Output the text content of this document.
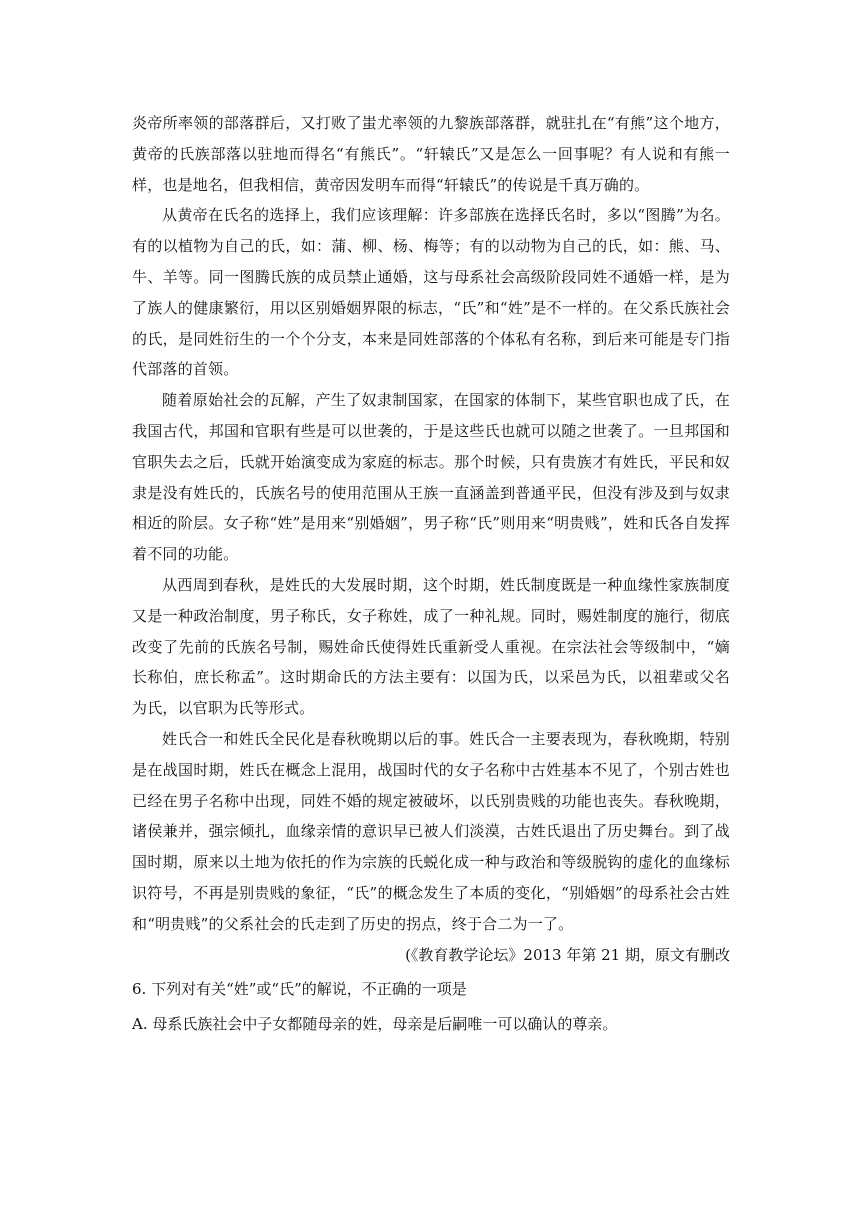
炎帝所率领的部落群后，又打败了蚩尤率领的九黎族部落群，就驻扎在“有熊”这个地方，黄帝的氏族部落以驻地而得名“有熊氏”。“轩辕氏”又是怎么一回事呢？有人说和有熊一样，也是地名，但我相信，黄帝因发明车而得“轩辕氏”的传说是千真万确的。

从黄帝在氏名的选择上，我们应该理解：许多部族在选择氏名时，多以“图腾”为名。有的以植物为自己的氏，如：蒲、柳、杨、梅等；有的以动物为自己的氏，如：熊、马、牛、羊等。同一图腾氏族的成员禁止通婚，这与母系社会高级阶段同姓不通婚一样，是为了族人的健康繁衍，用以区别婚姻界限的标志，“氏”和“姓”是不一样的。在父系氏族社会的氏，是同姓衍生的一个个分支，本来是同姓部落的个体私有名称，到后来可能是专门指代部落的首领。

随着原始社会的瓦解，产生了奴隶制国家，在国家的体制下，某些官职也成了氏，在我国古代，邦国和官职有些是可以世袭的，于是这些氏也就可以随之世袭了。一旦邦国和官职失去之后，氏就开始演变成为家庭的标志。那个时候，只有贵族才有姓氏，平民和奴隶是没有姓氏的，氏族名号的使用范围从王族一直涵盖到普通平民，但没有涉及到与奴隶相近的阶层。女子称“姓”是用来“别婚姻”，男子称“氏”则用来“明贵贱”，姓和氏各自发挥着不同的功能。

从西周到春秋，是姓氏的大发展时期，这个时期，姓氏制度既是一种血缘性家族制度又是一种政治制度，男子称氏，女子称姓，成了一种礼规。同时，赐姓制度的施行，彻底改变了先前的氏族名号制，赐姓命氏使得姓氏重新受人重视。在宗法社会等级制中，“嫡长称伯，庶长称孟”。这时期命氏的方法主要有：以国为氏，以采邑为氏，以祖辈或父名为氏，以官职为氏等形式。

姓氏合一和姓氏全民化是春秋晚期以后的事。姓氏合一主要表现为，春秋晚期，特别是在战国时期，姓氏在概念上混用，战国时代的女子名称中古姓基本不见了，个别古姓也已经在男子名称中出现，同姓不婚的规定被破坏，以氏别贵贱的功能也丧失。春秋晚期，诸侯兼并，强宗倾扎，血缘亲情的意识早已被人们淡漠，古姓氏退出了历史舞台。到了战国时期，原来以土地为依托的作为宗族的氏蜕化成一种与政治和等级脱钩的虚化的血缘标识符号，不再是别贵贱的象征，“氏”的概念发生了本质的变化，“别婚姻”的母系社会古姓和“明贵贱”的父系社会的氏走到了历史的拐点，终于合二为一了。

(《教育教学论坛》2013 年第 21 期，原文有删改

6. 下列对有关“姓”或“氏”的解说，不正确的一项是

A. 母系氏族社会中子女都随母亲的姓，母亲是后嗣唯一可以确认的尊亲。
